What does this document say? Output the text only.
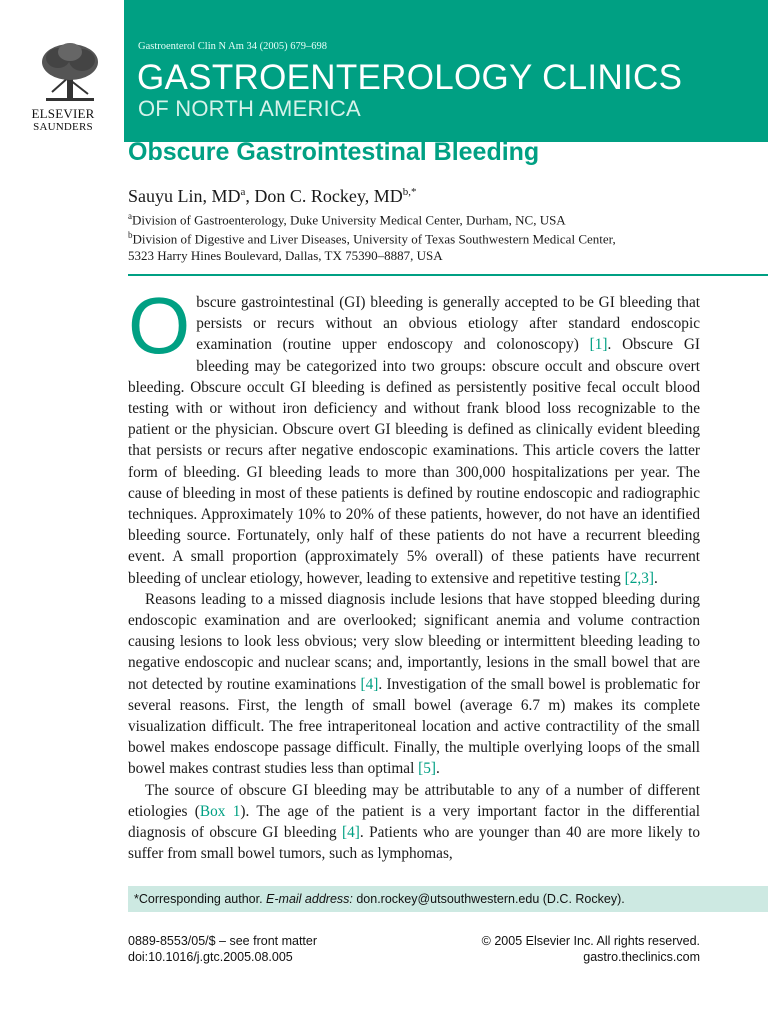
ELSEVIER
SAUNDERS
Gastroenterol Clin N Am 34 (2005) 679–698
GASTROENTEROLOGY CLINICS
OF NORTH AMERICA
Obscure Gastrointestinal Bleeding
Sauyu Lin, $MD^a$, Don C. Rockey, $MD^{b,*}$
$^a$Division of Gastroenterology, Duke University Medical Center, Durham, NC, USA
$^b$Division of Digestive and Liver Diseases, University of Texas Southwestern Medical Center,
5323 Harry Hines Boulevard, Dallas, TX 75390–8887, USA

Obscure gastrointestinal (GI) bleeding is generally accepted to be GI bleeding that persists or recurs without an obvious etiology after standard endoscopic examination (routine upper endoscopy and colonoscopy) [1]. Obscure GI bleeding may be categorized into two groups: obscure occult and obscure overt bleeding. Obscure occult GI bleeding is defined as persistently positive fecal occult blood testing with or without iron deficiency and without frank blood loss recognizable to the patient or the physician. Obscure overt GI bleeding is defined as clinically evident bleeding that persists or recurs after negative endoscopic examinations. This article covers the latter form of bleeding. GI bleeding leads to more than 300,000 hospitalizations per year. The cause of bleeding in most of these patients is defined by routine endoscopic and radiographic techniques. Approximately 10% to 20% of these patients, however, do not have an identified bleeding source. Fortunately, only half of these patients do not have a recurrent bleeding event. A small proportion (approximately 5% overall) of these patients have recurrent bleeding of unclear etiology, however, leading to extensive and repetitive testing [2,3].

Reasons leading to a missed diagnosis include lesions that have stopped bleeding during endoscopic examination and are overlooked; significant anemia and volume contraction causing lesions to look less obvious; very slow bleeding or intermittent bleeding leading to negative endoscopic and nuclear scans; and, importantly, lesions in the small bowel that are not detected by routine examinations [4]. Investigation of the small bowel is problematic for several reasons. First, the length of small bowel (average 6.7 m) makes its complete visualization difficult. The free intraperitoneal location and active contractility of the small bowel makes endoscope passage difficult. Finally, the multiple overlying loops of the small bowel makes contrast studies less than optimal [5].

The source of obscure GI bleeding may be attributable to any of a number of different etiologies (Box 1). The age of the patient is a very important factor in the differential diagnosis of obscure GI bleeding [4]. Patients who are younger than 40 are more likely to suffer from small bowel tumors, such as lymphomas,

*Corresponding author. E-mail address: don.rockey@utsouthwestern.edu (D.C. Rockey).
0889-8553/05/$ – see front matter
doi:10.1016/j.gtc.2005.08.005
© 2005 Elsevier Inc. All rights reserved.
gastro.theclinics.com
